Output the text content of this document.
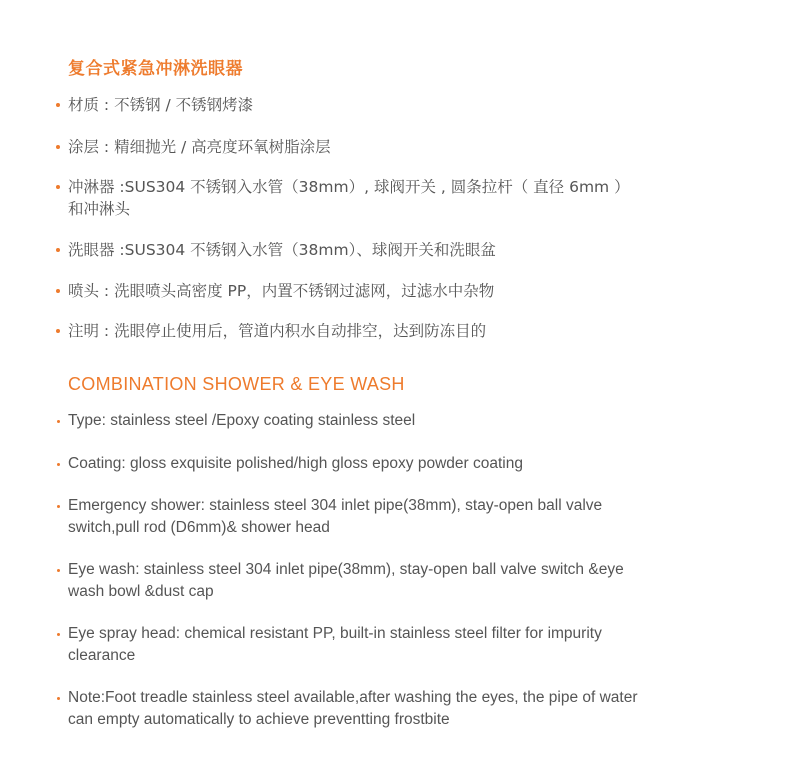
复合式紧急冲淋洗眼器
材质 : 不锈钢 / 不锈钢烤漆
涂层 : 精细抛光 / 高亮度环氧树脂涂层
冲淋器 :SUS304 不锈钢入水管（38mm）, 球阀开关 , 圆条拉杆（ 直径 6mm ）和冲淋头
洗眼器 :SUS304 不锈钢入水管（38mm）、球阀开关和洗眼盆
喷头 : 洗眼喷头高密度 PP，内置不锈钢过滤网，过滤水中杂物
注明 : 洗眼停止使用后，管道内积水自动排空，达到防冻目的
COMBINATION SHOWER & EYE WASH
Type: stainless steel /Epoxy coating stainless steel
Coating: gloss exquisite polished/high gloss epoxy powder coating
Emergency shower: stainless steel 304 inlet pipe(38mm), stay-open ball valve switch,pull rod (D6mm)& shower head
Eye wash: stainless steel 304 inlet pipe(38mm), stay-open ball valve switch &eye wash bowl &dust cap
Eye spray head: chemical resistant PP, built-in stainless steel filter for impurity clearance
Note:Foot treadle stainless steel available,after washing the eyes, the pipe of water can empty automatically to achieve preventting frostbite
